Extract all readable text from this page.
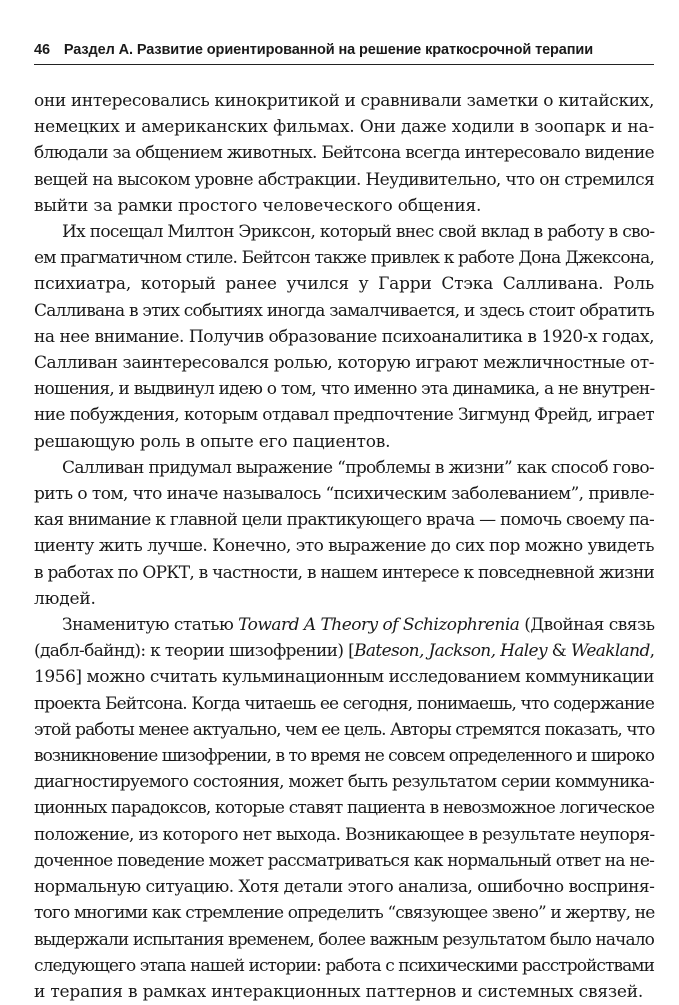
46 Раздел А. Развитие ориентированной на решение краткосрочной терапии

они интересовались кинокритикой и сравнивали заметки о китайских,
немецких и американских фильмах. Они даже ходили в зоопарк и на-
блюдали за общением животных. Бейтсона всегда интересовало видение
вещей на высоком уровне абстракции. Неудивительно, что он стремился
выйти за рамки простого человеческого общения.

Их посещал Милтон Эриксон, который внес свой вклад в работу в сво-
ем прагматичном стиле. Бейтсон также привлек к работе Дона Джексона,
психиатра, который ранее учился у Гарри Стэка Салливана. Роль
Салливана в этих событиях иногда замалчивается, и здесь стоит обратить
на нее внимание. Получив образование психоаналитика в 1920-х годах,
Салливан заинтересовался ролью, которую играют межличностные от-
ношения, и выдвинул идею о том, что именно эта динамика, а не внутрен-
ние побуждения, которым отдавал предпочтение Зигмунд Фрейд, играет
решающую роль в опыте его пациентов.

Салливан придумал выражение “проблемы в жизни” как способ гово-
рить о том, что иначе называлось “психическим заболеванием”, привле-
кая внимание к главной цели практикующего врача — помочь своему па-
циенту жить лучше. Конечно, это выражение до сих пор можно увидеть
в работах по ОРКТ, в частности, в нашем интересе к повседневной жизни
людей.

Знаменитую статью Toward A Theory of Schizophrenia (Двойная связь
(дабл-байнд): к теории шизофрении) [Bateson, Jackson, Haley & Weakland,
1956] можно считать кульминационным исследованием коммуникации
проекта Бейтсона. Когда читаешь ее сегодня, понимаешь, что содержание
этой работы менее актуально, чем ее цель. Авторы стремятся показать, что
возникновение шизофрении, в то время не совсем определенного и широко
диагностируемого состояния, может быть результатом серии коммуника-
ционных парадоксов, которые ставят пациента в невозможное логическое
положение, из которого нет выхода. Возникающее в результате неупоря-
доченное поведение может рассматриваться как нормальный ответ на не-
нормальную ситуацию. Хотя детали этого анализа, ошибочно восприня-
того многими как стремление определить “связующее звено” и жертву, не
выдержали испытания временем, более важным результатом было начало
следующего этапа нашей истории: работа с психическими расстройствами
и терапия в рамках интеракционных паттернов и системных связей.
